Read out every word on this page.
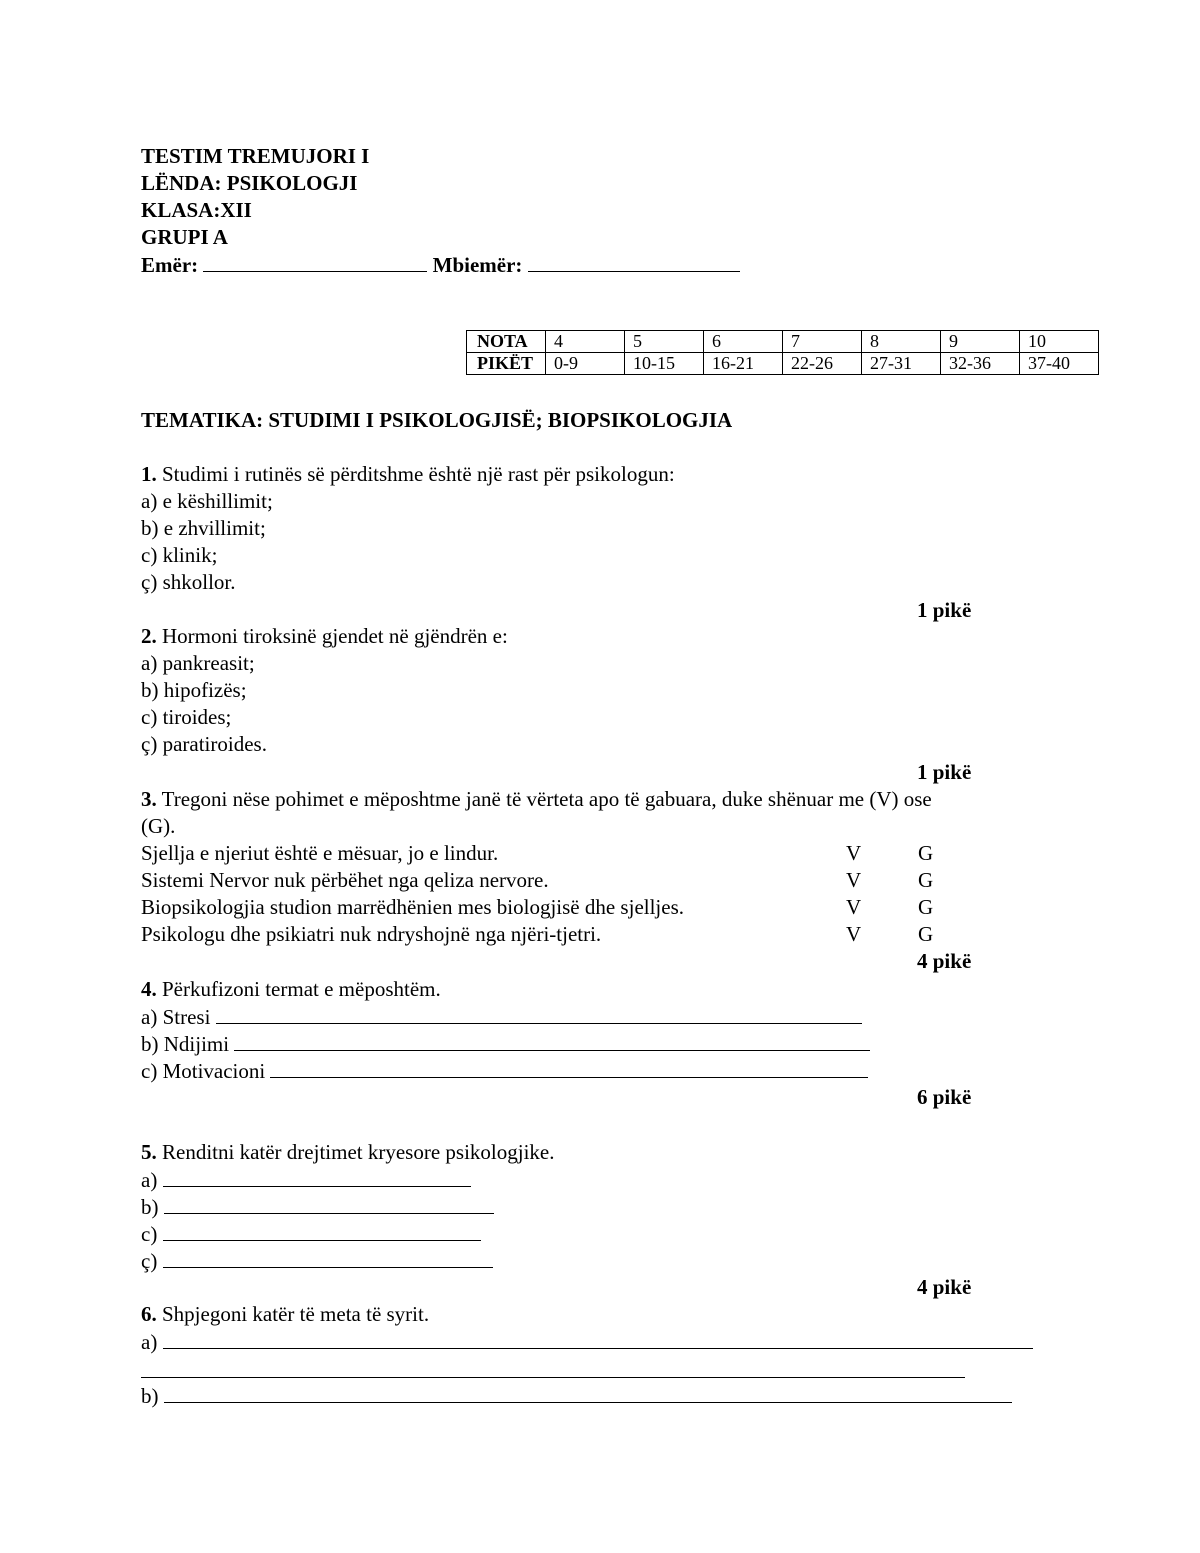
TESTIM TREMUJORI I
LËNDA: PSIKOLOGJI
KLASA:XII
GRUPI A
Emër:	Mbiemër:
NOTA	4	5	6	7	8	9	10
PIKËT	0-9	10-15	16-21	22-26	27-31	32-36	37-40
TEMATIKA: STUDIMI I PSIKOLOGJISË; BIOPSIKOLOGJIA
1. Studimi i rutinës së përditshme është një rast për psikologun:
a) e këshillimit;
b) e zhvillimit;
c) klinik;
ç) shkollor.
1 pikë
2. Hormoni tiroksinë gjendet në gjëndrën e:
a) pankreasit;
b) hipofizës;
c) tiroides;
ç) paratiroides.
1 pikë
3. Tregoni nëse pohimet e mëposhtme janë të vërteta apo të gabuara, duke shënuar me (V) ose
(G).
Sjellja e njeriut është e mësuar, jo e lindur.	V	G
Sistemi Nervor nuk përbëhet nga qeliza nervore.	V	G
Biopsikologjia studion marrëdhënien mes biologjisë dhe sjelljes.	V	G
Psikologu dhe psikiatri nuk ndryshojnë nga njëri-tjetri.	V	G
4 pikë
4. Përkufizoni termat e mëposhtëm.
a) Stresi
b) Ndijimi
c) Motivacioni
6 pikë
5. Renditni katër drejtimet kryesore psikologjike.
a)
b)
c)
ç)
4 pikë
6. Shpjegoni katër të meta të syrit.
a)
b)
